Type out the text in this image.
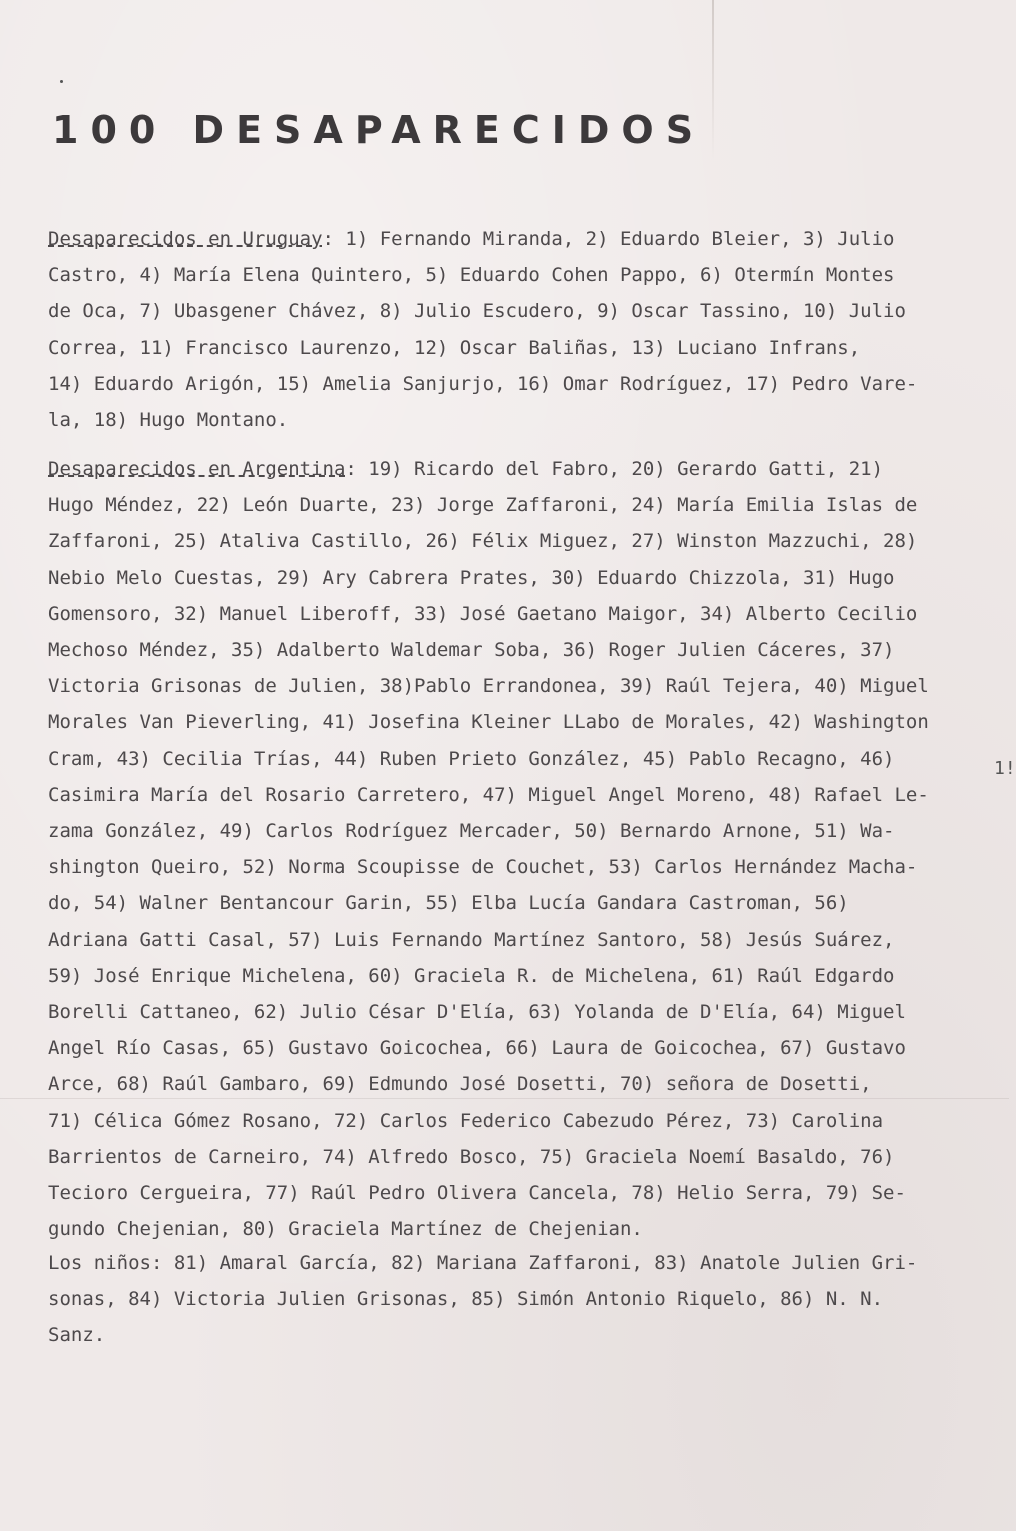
100 DESAPARECIDOS
Desaparecidos en Uruguay: 1) Fernando Miranda, 2) Eduardo Bleier, 3) Julio
Castro, 4) María Elena Quintero, 5) Eduardo Cohen Pappo, 6) Otermín Montes
de Oca, 7) Ubasgener Chávez, 8) Julio Escudero, 9) Oscar Tassino, 10) Julio
Correa, 11) Francisco Laurenzo, 12) Oscar Baliñas, 13) Luciano Infrans,
14) Eduardo Arigón, 15) Amelia Sanjurjo, 16) Omar Rodríguez, 17) Pedro Vare-
la, 18) Hugo Montano.
Desaparecidos en Argentina: 19) Ricardo del Fabro, 20) Gerardo Gatti, 21)
Hugo Méndez, 22) León Duarte, 23) Jorge Zaffaroni, 24) María Emilia Islas de
Zaffaroni, 25) Ataliva Castillo, 26) Félix Miguez, 27) Winston Mazzuchi, 28)
Nebio Melo Cuestas, 29) Ary Cabrera Prates, 30) Eduardo Chizzola, 31) Hugo
Gomensoro, 32) Manuel Liberoff, 33) José Gaetano Maigor, 34) Alberto Cecilio
Mechoso Méndez, 35) Adalberto Waldemar Soba, 36) Roger Julien Cáceres, 37)
Victoria Grisonas de Julien, 38)Pablo Errandonea, 39) Raúl Tejera, 40) Miguel
Morales Van Pieverling, 41) Josefina Kleiner LLabo de Morales, 42) Washington
Cram, 43) Cecilia Trías, 44) Ruben Prieto González, 45) Pablo Recagno, 46)
Casimira María del Rosario Carretero, 47) Miguel Angel Moreno, 48) Rafael Le-
zama González, 49) Carlos Rodríguez Mercader, 50) Bernardo Arnone, 51) Wa-
shington Queiro, 52) Norma Scoupisse de Couchet, 53) Carlos Hernández Macha-
do, 54) Walner Bentancour Garin, 55) Elba Lucía Gandara Castroman, 56)
Adriana Gatti Casal, 57) Luis Fernando Martínez Santoro, 58) Jesús Suárez,
59) José Enrique Michelena, 60) Graciela R. de Michelena, 61) Raúl Edgardo
Borelli Cattaneo, 62) Julio César D'Elía, 63) Yolanda de D'Elía, 64) Miguel
Angel Río Casas, 65) Gustavo Goicochea, 66) Laura de Goicochea, 67) Gustavo
Arce, 68) Raúl Gambaro, 69) Edmundo José Dosetti, 70) señora de Dosetti,
71) Célica Gómez Rosano, 72) Carlos Federico Cabezudo Pérez, 73) Carolina
Barrientos de Carneiro, 74) Alfredo Bosco, 75) Graciela Noemí Basaldo, 76)
Tecioro Cergueira, 77) Raúl Pedro Olivera Cancela, 78) Helio Serra, 79) Se-
gundo Chejenian, 80) Graciela Martínez de Chejenian.
Los niños: 81) Amaral García, 82) Mariana Zaffaroni, 83) Anatole Julien Gri-
sonas, 84) Victoria Julien Grisonas, 85) Simón Antonio Riquelo, 86) N. N.
Sanz.
1!
